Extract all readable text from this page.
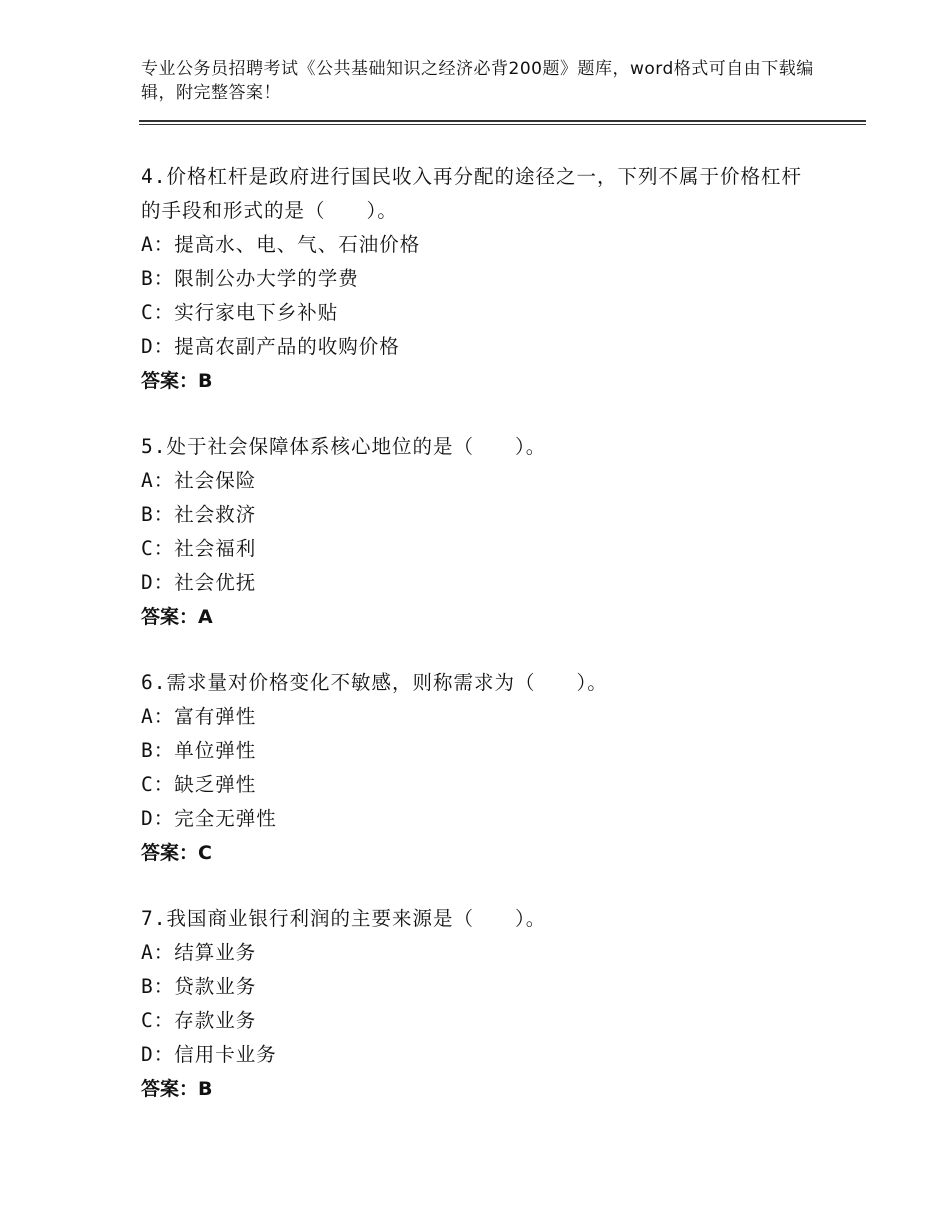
专业公务员招聘考试《公共基础知识之经济必背200题》题库，word格式可自由下载编辑，附完整答案！
4.价格杠杆是政府进行国民收入再分配的途径之一，下列不属于价格杠杆的手段和形式的是（　　）。
A：提高水、电、气、石油价格
B：限制公办大学的学费
C：实行家电下乡补贴
D：提高农副产品的收购价格
答案：B
5.处于社会保障体系核心地位的是（　　）。
A：社会保险
B：社会救济
C：社会福利
D：社会优抚
答案：A
6.需求量对价格变化不敏感，则称需求为（　　）。
A：富有弹性
B：单位弹性
C：缺乏弹性
D：完全无弹性
答案：C
7.我国商业银行利润的主要来源是（　　）。
A：结算业务
B：贷款业务
C：存款业务
D：信用卡业务
答案：B
